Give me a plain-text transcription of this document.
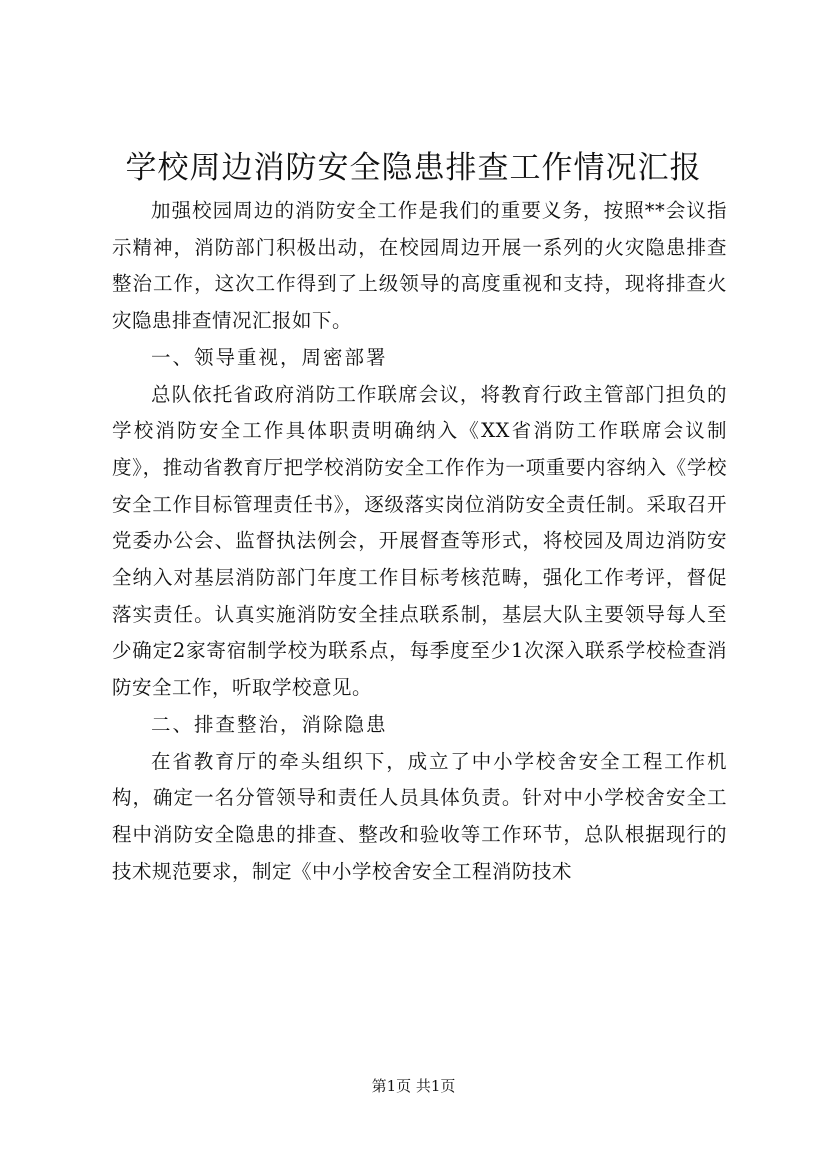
学校周边消防安全隐患排查工作情况汇报

加强校园周边的消防安全工作是我们的重要义务，按照**会议指示精神，消防部门积极出动，在校园周边开展一系列的火灾隐患排查整治工作，这次工作得到了上级领导的高度重视和支持，现将排查火灾隐患排查情况汇报如下。

一、领导重视，周密部署

总队依托省政府消防工作联席会议，将教育行政主管部门担负的学校消防安全工作具体职责明确纳入《XX省消防工作联席会议制度》，推动省教育厅把学校消防安全工作作为一项重要内容纳入《学校安全工作目标管理责任书》，逐级落实岗位消防安全责任制。采取召开党委办公会、监督执法例会，开展督查等形式，将校园及周边消防安全纳入对基层消防部门年度工作目标考核范畴，强化工作考评，督促落实责任。认真实施消防安全挂点联系制，基层大队主要领导每人至少确定2家寄宿制学校为联系点，每季度至少1次深入联系学校检查消防安全工作，听取学校意见。

二、排查整治，消除隐患

在省教育厅的牵头组织下，成立了中小学校舍安全工程工作机构，确定一名分管领导和责任人员具体负责。针对中小学校舍安全工程中消防安全隐患的排查、整改和验收等工作环节，总队根据现行的技术规范要求，制定《中小学校舍安全工程消防技术

第1页 共1页
